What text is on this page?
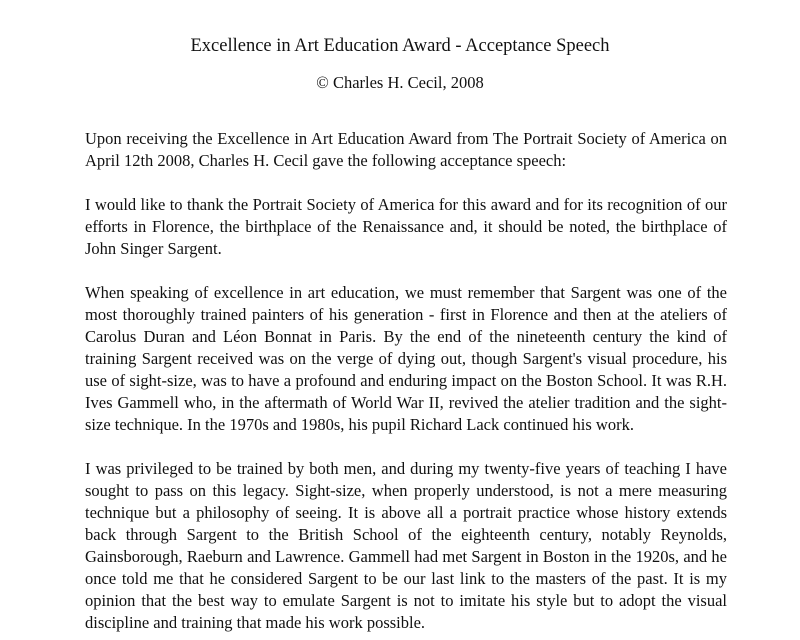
Excellence in Art Education Award - Acceptance Speech

© Charles H. Cecil, 2008

Upon receiving the Excellence in Art Education Award from The Portrait Society of America on April 12th 2008, Charles H. Cecil gave the following acceptance speech:

I would like to thank the Portrait Society of America for this award and for its recognition of our efforts in Florence, the birthplace of the Renaissance and, it should be noted, the birthplace of John Singer Sargent.

When speaking of excellence in art education, we must remember that Sargent was one of the most thoroughly trained painters of his generation - first in Florence and then at the ateliers of Carolus Duran and Léon Bonnat in Paris. By the end of the nineteenth century the kind of training Sargent received was on the verge of dying out, though Sargent's visual procedure, his use of sight-size, was to have a profound and enduring impact on the Boston School. It was R.H. Ives Gammell who, in the aftermath of World War II, revived the atelier tradition and the sight-size technique. In the 1970s and 1980s, his pupil Richard Lack continued his work.

I was privileged to be trained by both men, and during my twenty-five years of teaching I have sought to pass on this legacy. Sight-size, when properly understood, is not a mere measuring technique but a philosophy of seeing. It is above all a portrait practice whose history extends back through Sargent to the British School of the eighteenth century, notably Reynolds, Gainsborough, Raeburn and Lawrence. Gammell had met Sargent in Boston in the 1920s, and he once told me that he considered Sargent to be our last link to the masters of the past. It is my opinion that the best way to emulate Sargent is not to imitate his style but to adopt the visual discipline and training that made his work possible.
